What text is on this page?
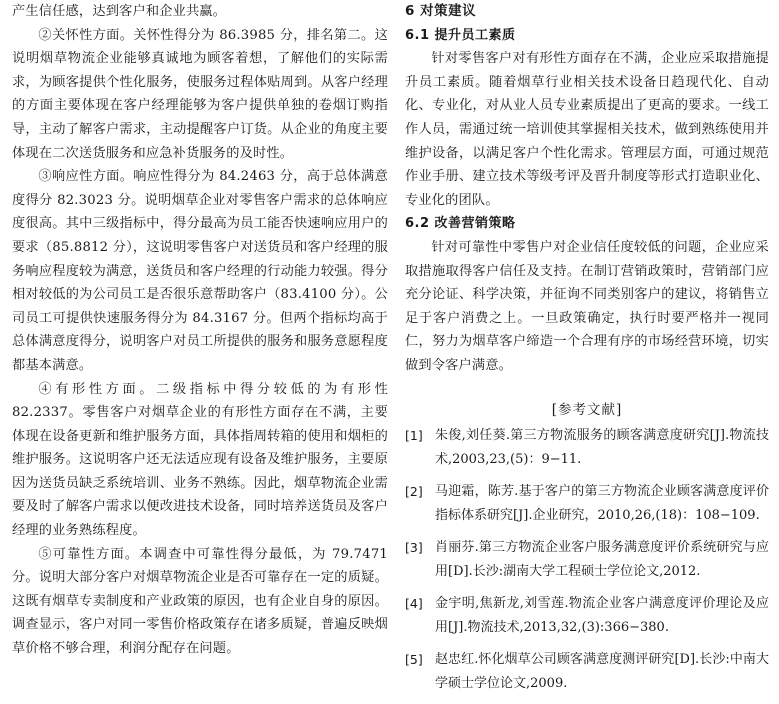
产生信任感，达到客户和企业共赢。

②关怀性方面。关怀性得分为 86.3985 分，排名第二。这说明烟草物流企业能够真诚地为顾客着想，了解他们的实际需求，为顾客提供个性化服务，使服务过程体贴周到。从客户经理的方面主要体现在客户经理能够为客户提供单独的卷烟订购指导，主动了解客户需求，主动提醒客户订货。从企业的角度主要体现在二次送货服务和应急补货服务的及时性。

③响应性方面。响应性得分为 84.2463 分，高于总体满意度得分 82.3023 分。说明烟草企业对零售客户需求的总体响应度很高。其中三级指标中，得分最高为员工能否快速响应用户的要求（85.8812 分），这说明零售客户对送货员和客户经理的服务响应程度较为满意，送货员和客户经理的行动能力较强。得分相对较低的为公司员工是否很乐意帮助客户（83.4100 分）。公司员工可提供快速服务得分为 84.3167 分。但两个指标均高于总体满意度得分，说明客户对员工所提供的服务和服务意愿程度都基本满意。

④有形性方面。二级指标中得分较低的为有形性 82.2337。零售客户对烟草企业的有形性方面存在不满，主要体现在设备更新和维护服务方面，具体指周转箱的使用和烟柜的维护服务。这说明客户还无法适应现有设备及维护服务，主要原因为送货员缺乏系统培训、业务不熟练。因此，烟草物流企业需要及时了解客户需求以便改进技术设备，同时培养送货员及客户经理的业务熟练程度。

⑤可靠性方面。本调查中可靠性得分最低，为 79.7471 分。说明大部分客户对烟草物流企业是否可靠存在一定的质疑。这既有烟草专卖制度和产业政策的原因，也有企业自身的原因。调查显示，客户对同一零售价格政策存在诸多质疑，普遍反映烟草价格不够合理，利润分配存在问题。

6 对策建议
6.1 提升员工素质

针对零售客户对有形性方面存在不满，企业应采取措施提升员工素质。随着烟草行业相关技术设备日趋现代化、自动化、专业化，对从业人员专业素质提出了更高的要求。一线工作人员，需通过统一培训使其掌握相关技术，做到熟练使用并维护设备，以满足客户个性化需求。管理层方面，可通过规范作业手册、建立技术等级考评及晋升制度等形式打造职业化、专业化的团队。

6.2 改善营销策略

针对可靠性中零售户对企业信任度较低的问题，企业应采取措施取得客户信任及支持。在制订营销政策时，营销部门应充分论证、科学决策，并征询不同类别客户的建议，将销售立足于客户消费之上。一旦政策确定，执行时要严格并一视同仁，努力为烟草客户缔造一个合理有序的市场经营环境，切实做到令客户满意。

[参考文献]
[1] 朱俊,刘任葵.第三方物流服务的顾客满意度研究[J].物流技术,2003,23,(5)：9−11.
[2] 马迎霜，陈芳.基于客户的第三方物流企业顾客满意度评价指标体系研究[J].企业研究，2010,26,(18)：108−109.
[3] 肖丽芬.第三方物流企业客户服务满意度评价系统研究与应用[D].长沙:湖南大学工程硕士学位论文,2012.
[4] 金宇明,焦新龙,刘雪莲.物流企业客户满意度评价理论及应用[J].物流技术,2013,32,(3):366−380.
[5] 赵忠红.怀化烟草公司顾客满意度测评研究[D].长沙:中南大学硕士学位论文,2009.
